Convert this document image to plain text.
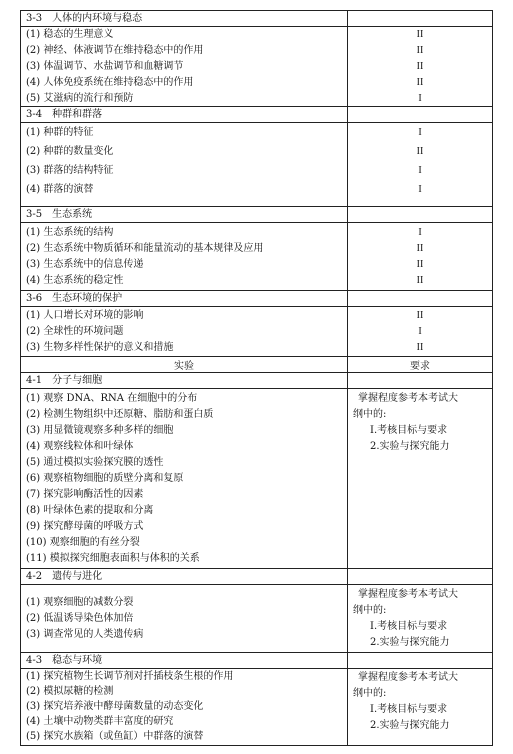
3-3　人体的内环境与稳态
(1) 稳态的生理意义
(2) 神经、体液调节在维持稳态中的作用
(3) 体温调节、水盐调节和血糖调节
(4) 人体免疫系统在维持稳态中的作用
(5) 艾滋病的流行和预防
II
II
II
II
I
3-4　种群和群落
(1) 种群的特征
(2) 种群的数量变化
(3) 群落的结构特征
(4) 群落的演替
I
II
I
I
3-5　生态系统
(1) 生态系统的结构
(2) 生态系统中物质循环和能量流动的基本规律及应用
(3) 生态系统中的信息传递
(4) 生态系统的稳定性
I
II
II
II
3-6　生态环境的保护
(1) 人口增长对环境的影响
(2) 全球性的环境问题
(3) 生物多样性保护的意义和措施
II
I
II
实验	要求
4-1　分子与细胞
(1) 观察 DNA、RNA 在细胞中的分布
(2) 检测生物组织中还原糖、脂肪和蛋白质
(3) 用显微镜观察多种多样的细胞
(4) 观察线粒体和叶绿体
(5) 通过模拟实验探究膜的透性
(6) 观察植物细胞的质壁分离和复原
(7) 探究影响酶活性的因素
(8) 叶绿体色素的提取和分离
(9) 探究酵母菌的呼吸方式
(10) 观察细胞的有丝分裂
(11) 模拟探究细胞表面积与体积的关系
掌握程度参考本考试大
纲中的:
Ⅰ.考核目标与要求
2.实验与探究能力
4-2　遗传与进化
(1) 观察细胞的减数分裂
(2) 低温诱导染色体加倍
(3) 调查常见的人类遗传病
掌握程度参考本考试大
纲中的:
Ⅰ.考核目标与要求
2.实验与探究能力
4-3　稳态与环境
(1) 探究植物生长调节剂对扦插枝条生根的作用
(2) 模拟尿糖的检测
(3) 探究培养液中酵母菌数量的动态变化
(4) 土壤中动物类群丰富度的研究
(5) 探究水族箱（或鱼缸）中群落的演替
掌握程度参考本考试大
纲中的:
Ⅰ.考核目标与要求
2.实验与探究能力
